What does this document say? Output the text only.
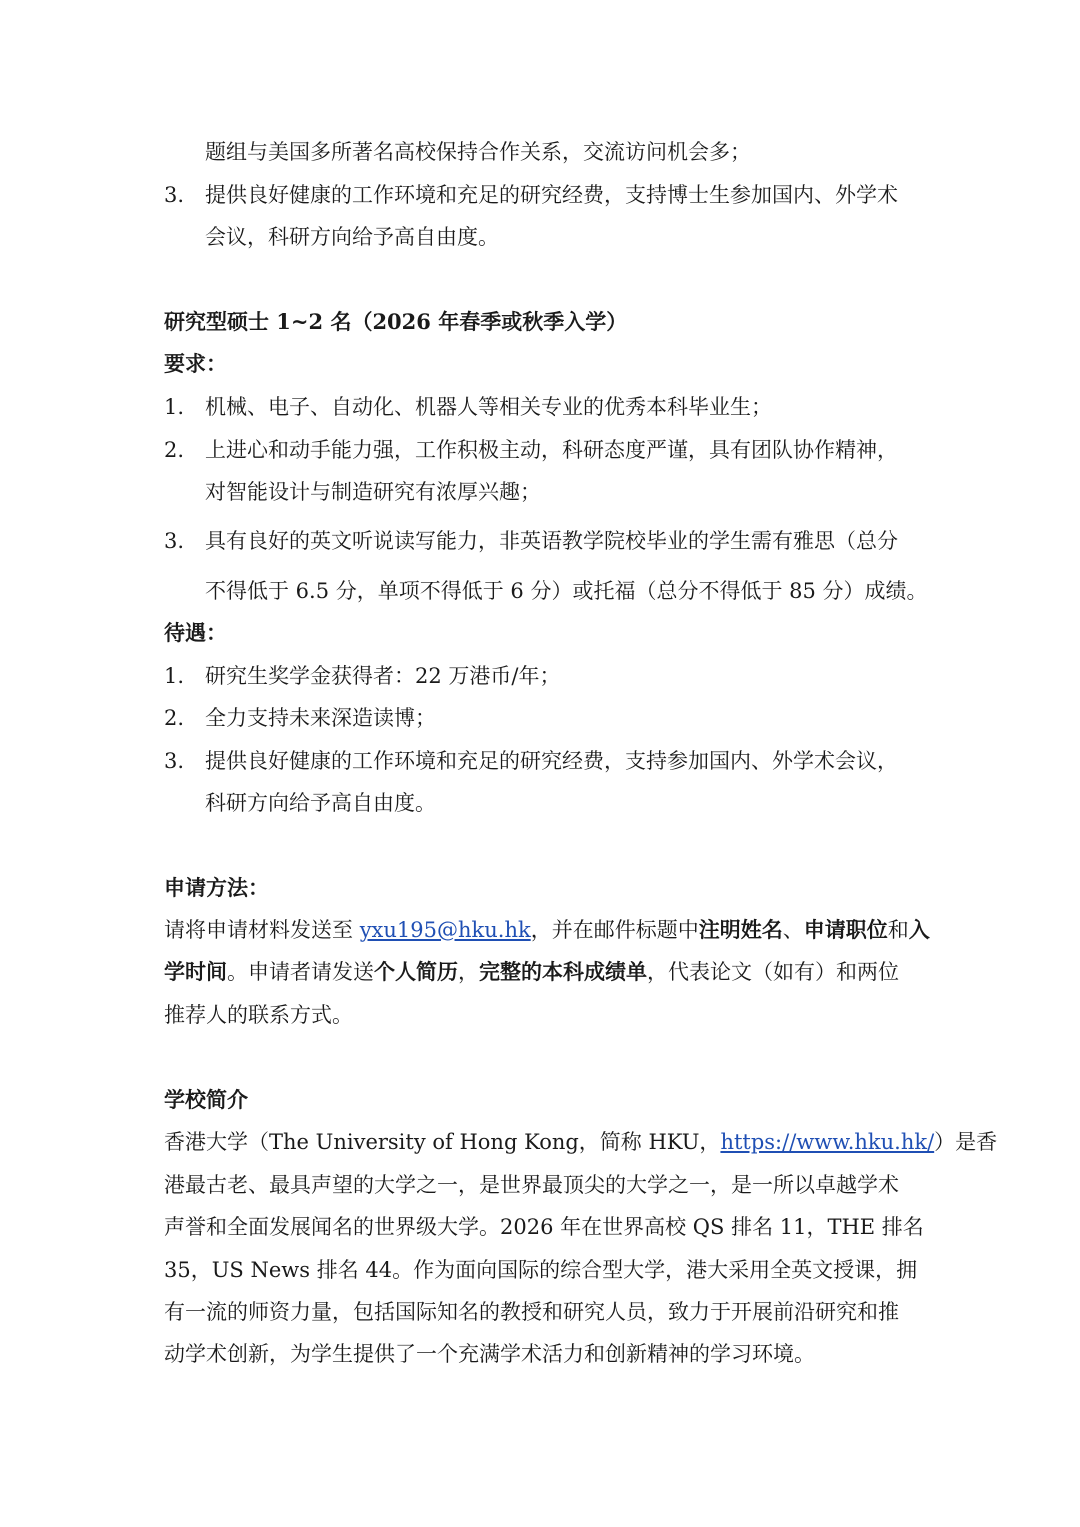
题组与美国多所著名高校保持合作关系，交流访问机会多；
3. 提供良好健康的工作环境和充足的研究经费，支持博士生参加国内、外学术
会议，科研方向给予高自由度。
研究型硕士 1~2 名（2026 年春季或秋季入学）
要求：
1. 机械、电子、自动化、机器人等相关专业的优秀本科毕业生；
2. 上进心和动手能力强，工作积极主动，科研态度严谨，具有团队协作精神，
对智能设计与制造研究有浓厚兴趣；
3. 具有良好的英文听说读写能力，非英语教学院校毕业的学生需有雅思（总分
不得低于 6.5 分，单项不得低于 6 分）或托福（总分不得低于 85 分）成绩。
待遇：
1. 研究生奖学金获得者：22 万港币/年；
2. 全力支持未来深造读博；
3. 提供良好健康的工作环境和充足的研究经费，支持参加国内、外学术会议，
科研方向给予高自由度。
申请方法：
请将申请材料发送至 yxu195@hku.hk，并在邮件标题中注明姓名、申请职位和入
学时间。申请者请发送个人简历，完整的本科成绩单，代表论文（如有）和两位
推荐人的联系方式。
学校简介
香港大学（The University of Hong Kong，简称 HKU，https://www.hku.hk/）是香
港最古老、最具声望的大学之一，是世界最顶尖的大学之一，是一所以卓越学术
声誉和全面发展闻名的世界级大学。2026 年在世界高校 QS 排名 11，THE 排名
35，US News 排名 44。作为面向国际的综合型大学，港大采用全英文授课，拥
有一流的师资力量，包括国际知名的教授和研究人员，致力于开展前沿研究和推
动学术创新，为学生提供了一个充满学术活力和创新精神的学习环境。
